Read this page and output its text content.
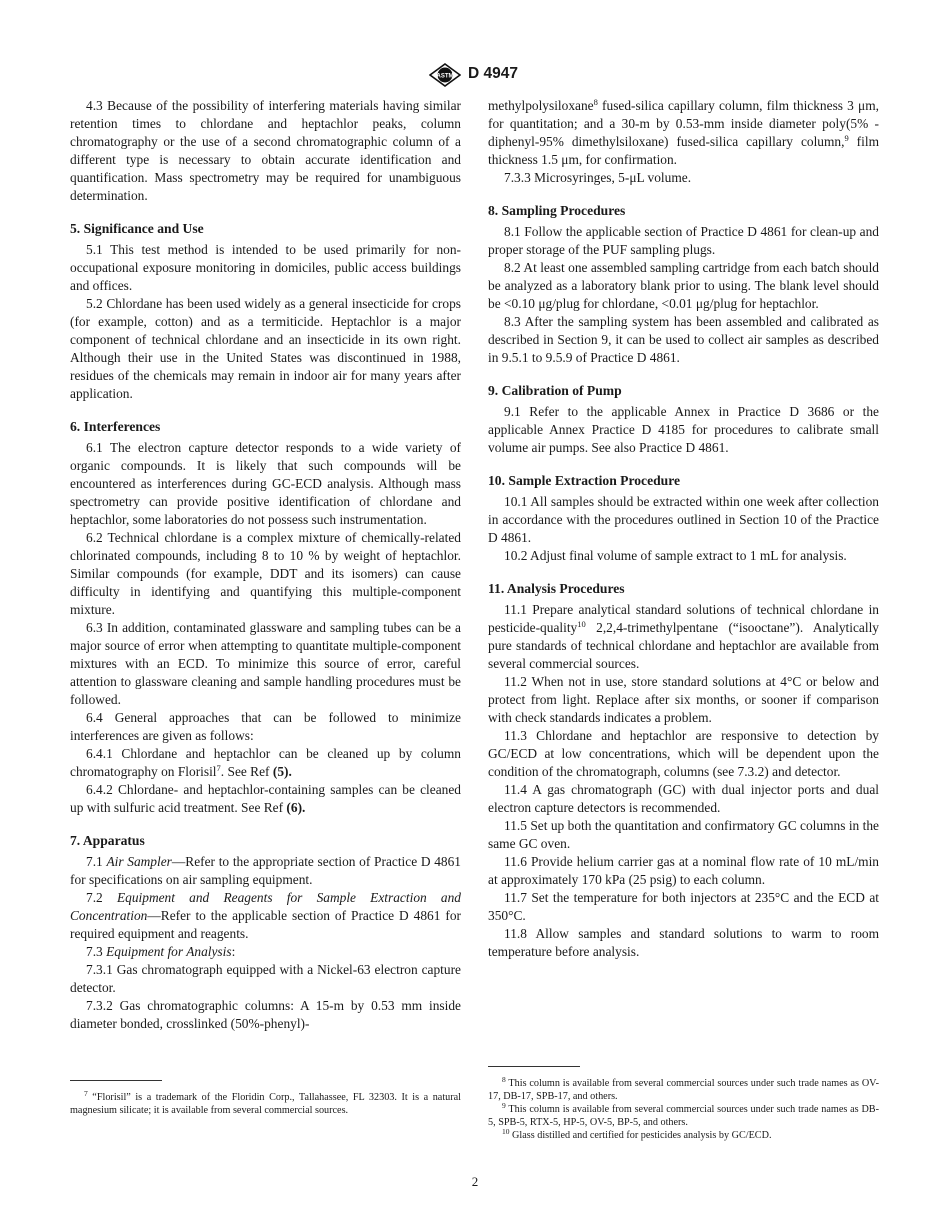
ASTM D 4947

4.3 Because of the possibility of interfering materials having similar retention times to chlordane and heptachlor peaks, column chromatography or the use of a second chromatographic column of a different type is necessary to obtain accurate identification and quantification. Mass spectrometry may be required for unambiguous determination.

5. Significance and Use

5.1 This test method is intended to be used primarily for non-occupational exposure monitoring in domiciles, public access buildings and offices.

5.2 Chlordane has been used widely as a general insecticide for crops (for example, cotton) and as a termiticide. Heptachlor is a major component of technical chlordane and an insecticide in its own right. Although their use in the United States was discontinued in 1988, residues of the chemicals may remain in indoor air for many years after application.

6. Interferences

6.1 The electron capture detector responds to a wide variety of organic compounds. It is likely that such compounds will be encountered as interferences during GC-ECD analysis. Although mass spectrometry can provide positive identification of chlordane and heptachlor, some laboratories do not possess such instrumentation.

6.2 Technical chlordane is a complex mixture of chemically-related chlorinated compounds, including 8 to 10 % by weight of heptachlor. Similar compounds (for example, DDT and its isomers) can cause difficulty in identifying and quantifying this multiple-component mixture.

6.3 In addition, contaminated glassware and sampling tubes can be a major source of error when attempting to quantitate multiple-component mixtures with an ECD. To minimize this source of error, careful attention to glassware cleaning and sample handling procedures must be followed.

6.4 General approaches that can be followed to minimize interferences are given as follows:

6.4.1 Chlordane and heptachlor can be cleaned up by column chromatography on Florisil$^7$. See Ref (5).

6.4.2 Chlordane- and heptachlor-containing samples can be cleaned up with sulfuric acid treatment. See Ref (6).

7. Apparatus

7.1 Air Sampler—Refer to the appropriate section of Practice D 4861 for specifications on air sampling equipment.

7.2 Equipment and Reagents for Sample Extraction and Concentration—Refer to the applicable section of Practice D 4861 for required equipment and reagents.

7.3 Equipment for Analysis:

7.3.1 Gas chromatograph equipped with a Nickel-63 electron capture detector.

7.3.2 Gas chromatographic columns: A 15-m by 0.53 mm inside diameter bonded, crosslinked (50%-phenyl)-

$^7$ “Florisil” is a trademark of the Floridin Corp., Tallahassee, FL 32303. It is a natural magnesium silicate; it is available from several commercial sources.

methylpolysiloxane$^8$ fused-silica capillary column, film thickness 3 μm, for quantitation; and a 30-m by 0.53-mm inside diameter poly(5% -diphenyl-95% dimethylsiloxane) fused-silica capillary column,$^9$ film thickness 1.5 μm, for confirmation.

7.3.3 Microsyringes, 5-μL volume.

8. Sampling Procedures

8.1 Follow the applicable section of Practice D 4861 for clean-up and proper storage of the PUF sampling plugs.

8.2 At least one assembled sampling cartridge from each batch should be analyzed as a laboratory blank prior to using. The blank level should be <0.10 μg/plug for chlordane, <0.01 μg/plug for heptachlor.

8.3 After the sampling system has been assembled and calibrated as described in Section 9, it can be used to collect air samples as described in 9.5.1 to 9.5.9 of Practice D 4861.

9. Calibration of Pump

9.1 Refer to the applicable Annex in Practice D 3686 or the applicable Annex Practice D 4185 for procedures to calibrate small volume air pumps. See also Practice D 4861.

10. Sample Extraction Procedure

10.1 All samples should be extracted within one week after collection in accordance with the procedures outlined in Section 10 of the Practice D 4861.

10.2 Adjust final volume of sample extract to 1 mL for analysis.

11. Analysis Procedures

11.1 Prepare analytical standard solutions of technical chlordane in pesticide-quality$^{10}$ 2,2,4-trimethylpentane (“isooctane”). Analytically pure standards of technical chlordane and heptachlor are available from several commercial sources.

11.2 When not in use, store standard solutions at 4°C or below and protect from light. Replace after six months, or sooner if comparison with check standards indicates a problem.

11.3 Chlordane and heptachlor are responsive to detection by GC/ECD at low concentrations, which will be dependent upon the condition of the chromatograph, columns (see 7.3.2) and detector.

11.4 A gas chromatograph (GC) with dual injector ports and dual electron capture detectors is recommended.

11.5 Set up both the quantitation and confirmatory GC columns in the same GC oven.

11.6 Provide helium carrier gas at a nominal flow rate of 10 mL/min at approximately 170 kPa (25 psig) to each column.

11.7 Set the temperature for both injectors at 235°C and the ECD at 350°C.

11.8 Allow samples and standard solutions to warm to room temperature before analysis.

$^8$ This column is available from several commercial sources under such trade names as OV-17, DB-17, SPB-17, and others.

$^9$ This column is available from several commercial sources under such trade names as DB-5, SPB-5, RTX-5, HP-5, OV-5, BP-5, and others.

$^{10}$ Glass distilled and certified for pesticides analysis by GC/ECD.

2
